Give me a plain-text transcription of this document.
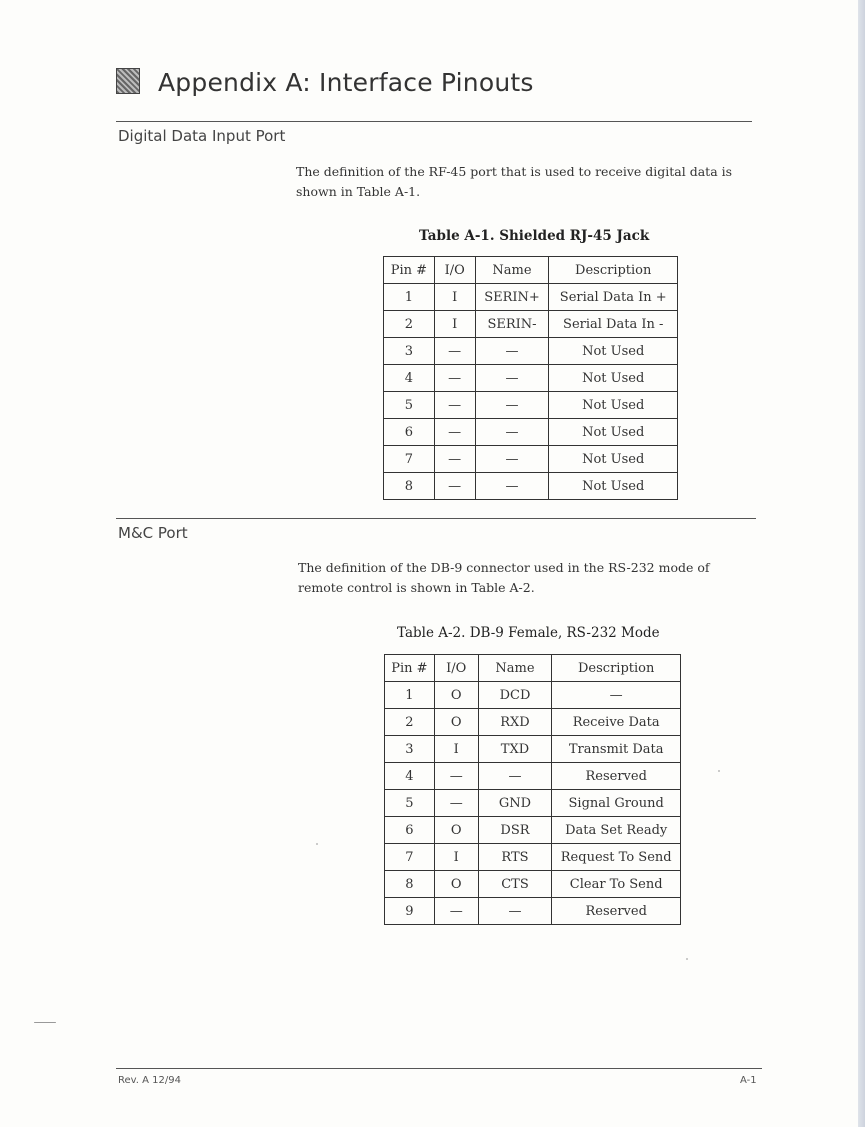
Appendix A: Interface Pinouts
Digital Data Input Port
The definition of the RF-45 port that is used to receive digital data is shown in Table A-1.
Table A-1. Shielded RJ-45 Jack
Pin #	I/O	Name	Description
1	I	SERIN+	Serial Data In +
2	I	SERIN-	Serial Data In -
3	—	—	Not Used
4	—	—	Not Used
5	—	—	Not Used
6	—	—	Not Used
7	—	—	Not Used
8	—	—	Not Used
M&C Port
The definition of the DB-9 connector used in the RS-232 mode of remote control is shown in Table A-2.
Table A-2. DB-9 Female, RS-232 Mode
Pin #	I/O	Name	Description
1	O	DCD	—
2	O	RXD	Receive Data
3	I	TXD	Transmit Data
4	—	—	Reserved
5	—	GND	Signal Ground
6	O	DSR	Data Set Ready
7	I	RTS	Request To Send
8	O	CTS	Clear To Send
9	—	—	Reserved
Rev. A 12/94	A-1
